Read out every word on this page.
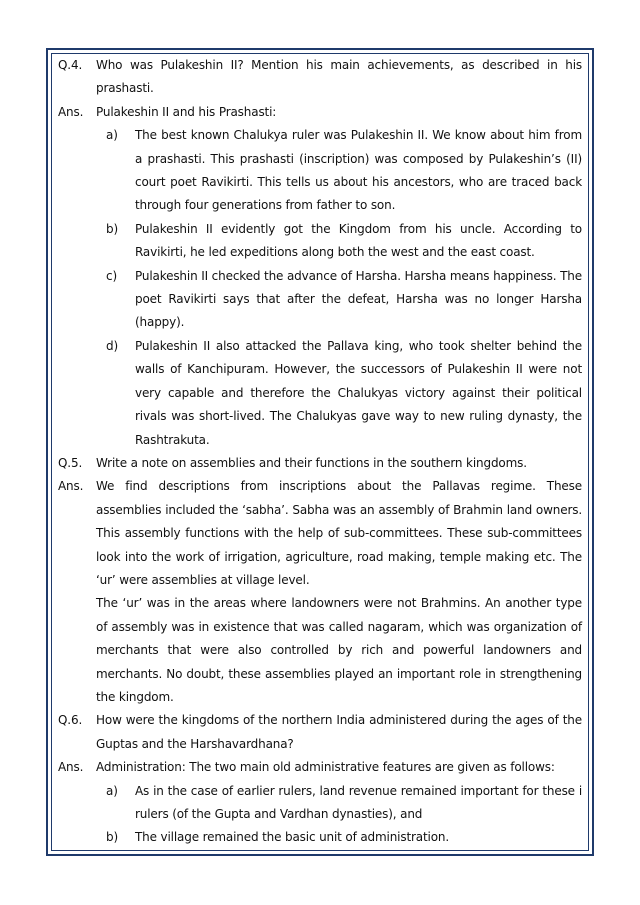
Q.4.	Who was Pulakeshin II? Mention his main achievements, as described in his prashasti.
Ans.	Pulakeshin II and his Prashasti:
a)	The best known Chalukya ruler was Pulakeshin II. We know about him from a prashasti. This prashasti (inscription) was composed by Pulakeshin’s (II) court poet Ravikirti. This tells us about his ancestors, who are traced back through four generations from father to son.
b)	Pulakeshin II evidently got the Kingdom from his uncle. According to Ravikirti, he led expeditions along both the west and the east coast.
c)	Pulakeshin II checked the advance of Harsha. Harsha means happiness. The poet Ravikirti says that after the defeat, Harsha was no longer Harsha (happy).
d)	Pulakeshin II also attacked the Pallava king, who took shelter behind the walls of Kanchipuram. However, the successors of Pulakeshin II were not very capable and therefore the Chalukyas victory against their political rivals was short-lived. The Chalukyas gave way to new ruling dynasty, the Rashtrakuta.
Q.5.	Write a note on assemblies and their functions in the southern kingdoms.
Ans.	We find descriptions from inscriptions about the Pallavas regime. These assemblies included the ‘sabha’. Sabha was an assembly of Brahmin land owners. This assembly functions with the help of sub-committees. These sub-committees look into the work of irrigation, agriculture, road making, temple making etc. The ‘ur’ were assemblies at village level.
The ‘ur’ was in the areas where landowners were not Brahmins. An another type of assembly was in existence that was called nagaram, which was organization of merchants that were also controlled by rich and powerful landowners and merchants. No doubt, these assemblies played an important role in strengthening the kingdom.
Q.6.	How were the kingdoms of the northern India administered during the ages of the Guptas and the Harshavardhana?
Ans.	Administration: The two main old administrative features are given as follows:
a)	As in the case of earlier rulers, land revenue remained important for these i rulers (of the Gupta and Vardhan dynasties), and
b)	The village remained the basic unit of administration.
